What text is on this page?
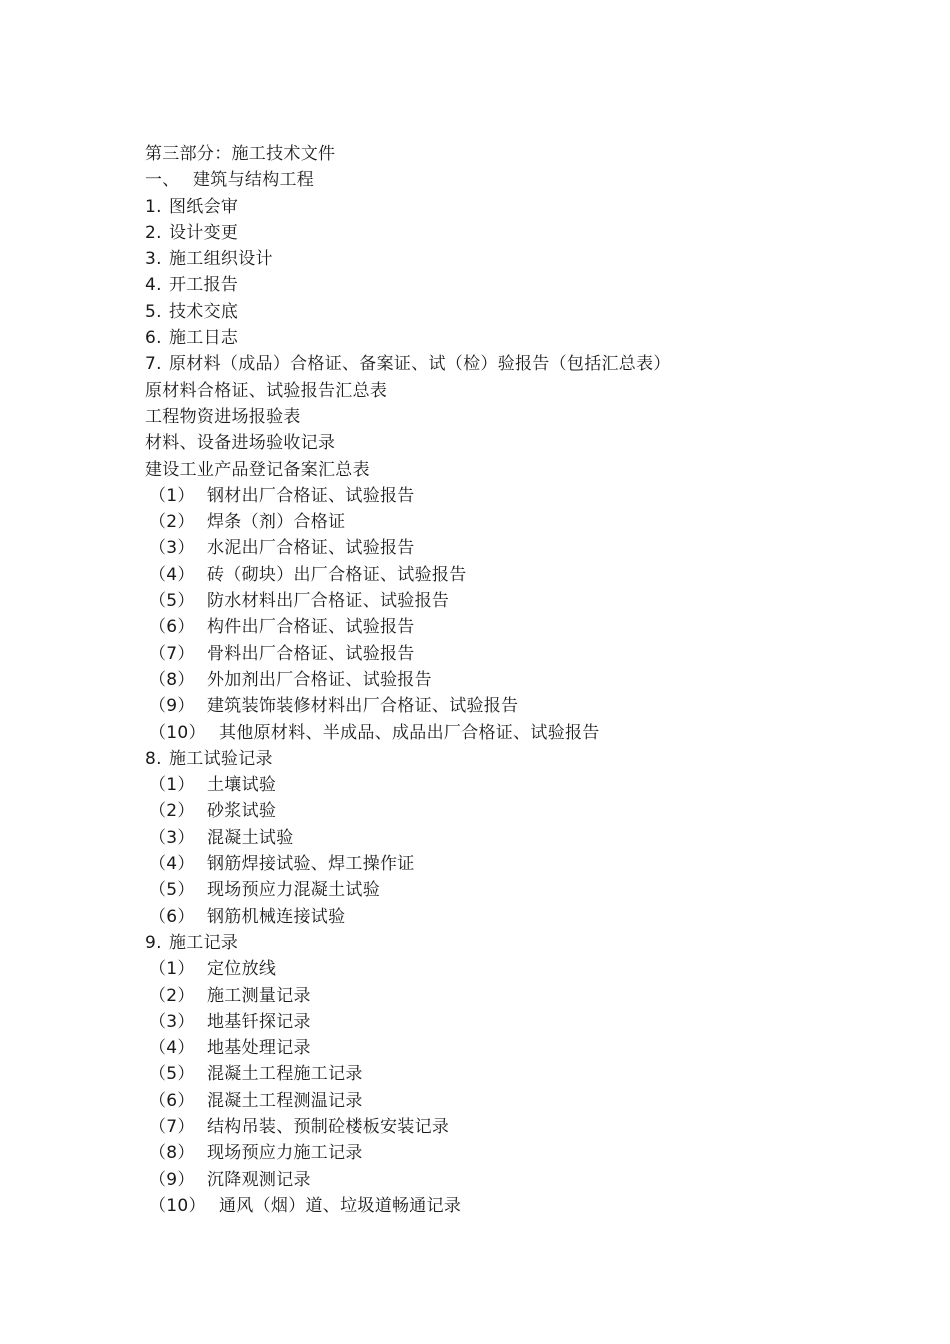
第三部分：施工技术文件
一、 建筑与结构工程
1. 图纸会审
2. 设计变更
3. 施工组织设计
4. 开工报告
5. 技术交底
6. 施工日志
7. 原材料（成品）合格证、备案证、试（检）验报告（包括汇总表）
原材料合格证、试验报告汇总表
工程物资进场报验表
材料、设备进场验收记录
建设工业产品登记备案汇总表
（1） 钢材出厂合格证、试验报告
（2） 焊条（剂）合格证
（3） 水泥出厂合格证、试验报告
（4） 砖（砌块）出厂合格证、试验报告
（5） 防水材料出厂合格证、试验报告
（6） 构件出厂合格证、试验报告
（7） 骨料出厂合格证、试验报告
（8） 外加剂出厂合格证、试验报告
（9） 建筑装饰装修材料出厂合格证、试验报告
（10） 其他原材料、半成品、成品出厂合格证、试验报告
8. 施工试验记录
（1） 土壤试验
（2） 砂浆试验
（3） 混凝土试验
（4） 钢筋焊接试验、焊工操作证
（5） 现场预应力混凝土试验
（6） 钢筋机械连接试验
9. 施工记录
（1） 定位放线
（2） 施工测量记录
（3） 地基钎探记录
（4） 地基处理记录
（5） 混凝土工程施工记录
（6） 混凝土工程测温记录
（7） 结构吊装、预制砼楼板安装记录
（8） 现场预应力施工记录
（9） 沉降观测记录
（10） 通风（烟）道、垃圾道畅通记录
